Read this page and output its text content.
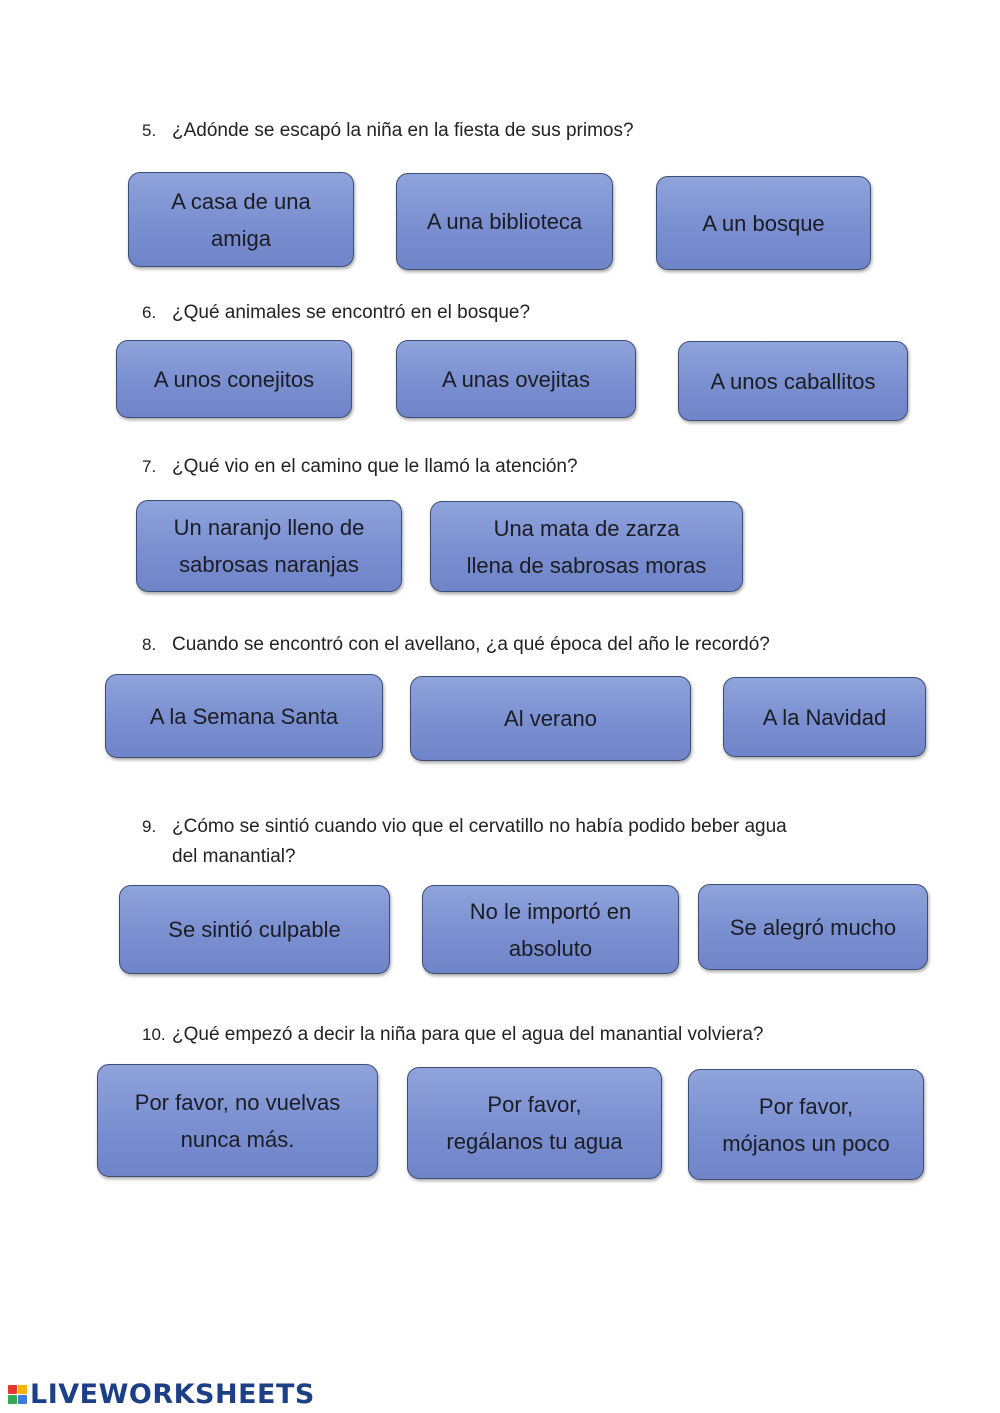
5. ¿Adónde se escapó la niña en la fiesta de sus primos?
A casa de una
amiga
A una biblioteca	A un bosque
6. ¿Qué animales se encontró en el bosque?
A unos conejitos	A unas ovejitas	A unos caballitos
7. ¿Qué vio en el camino que le llamó la atención?
Un naranjo lleno de
sabrosas naranjas
Una mata de zarza
llena de sabrosas moras
8. Cuando se encontró con el avellano, ¿a qué época del año le recordó?
A la Semana Santa	Al verano	A la Navidad
9. ¿Cómo se sintió cuando vio que el cervatillo no había podido beber agua
del manantial?
Se sintió culpable
No le importó en
absoluto
Se alegró mucho
10. ¿Qué empezó a decir la niña para que el agua del manantial volviera?
Por favor, no vuelvas
nunca más.
Por favor,
regálanos tu agua
Por favor,
mójanos un poco
LIVEWORKSHEETS
